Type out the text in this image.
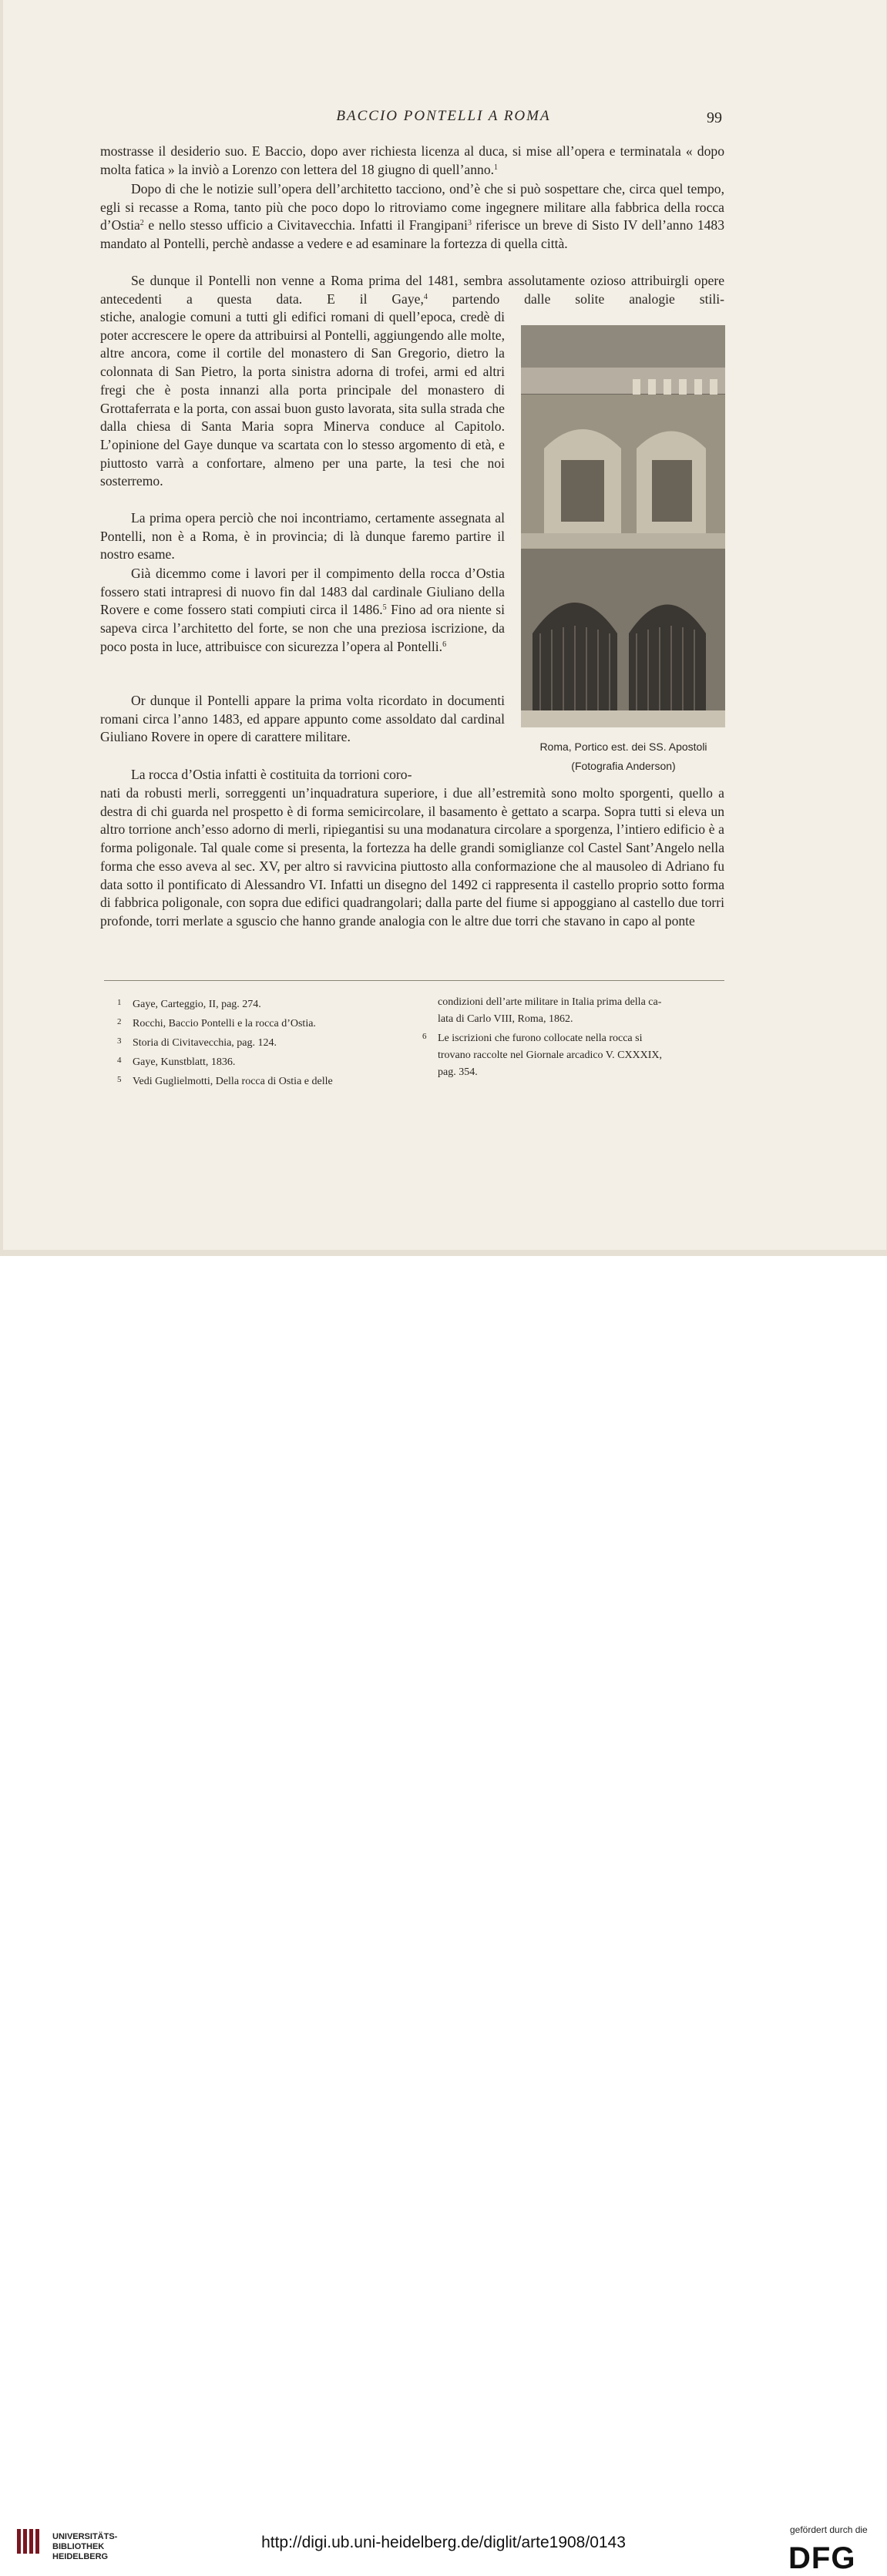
BACCIO PONTELLI A ROMA	99

mostrasse il desiderio suo. E Baccio, dopo aver richiesta licenza al duca, si mise all’opera e terminatala « dopo molta fatica » la inviò a Lorenzo con lettera del 18 giugno di quell’anno.$^1$

Dopo di che le notizie sull’opera dell’architetto tacciono, ond’è che si può sospettare che, circa quel tempo, egli si recasse a Roma, tanto più che poco dopo lo ritroviamo come ingegnere militare alla fabbrica della rocca d’Ostia$^2$ e nello stesso ufficio a Civitavecchia. Infatti il Frangipani$^3$ riferisce un breve di Sisto IV dell’anno 1483 mandato al Pontelli, perchè andasse a vedere e ad esaminare la fortezza di quella città.

Se dunque il Pontelli non venne a Roma prima del 1481, sembra assolutamente ozioso attribuirgli opere antecedenti a questa data. E il Gaye,$^4$ partendo dalle solite analogie stili-

stiche, analogie comuni a tutti gli edifici romani di quell’epoca, credè di poter accrescere le opere da attribuirsi al Pontelli, aggiungendo alle molte, altre ancora, come il cortile del monastero di San Gregorio, dietro la colonnata di San Pietro, la porta sinistra adorna di trofei, armi ed altri fregi che è posta innanzi alla porta principale del monastero di Grottaferrata e la porta, con assai buon gusto lavorata, sita sulla strada che dalla chiesa di Santa Maria sopra Minerva conduce al Capitolo. L’opinione del Gaye dunque va scartata con lo stesso argomento di età, e piuttosto varrà a confortare, almeno per una parte, la tesi che noi sosterremo.

La prima opera perciò che noi incontriamo, certamente assegnata al Pontelli, non è a Roma, è in provincia; di là dunque faremo partire il nostro esame.

Già dicemmo come i lavori per il compimento della rocca d’Ostia fossero stati intrapresi di nuovo fin dal 1483 dal cardinale Giuliano della Rovere e come fossero stati compiuti circa il 1486.$^5$ Fino ad ora niente si sapeva circa l’architetto del forte, se non che una preziosa iscrizione, da poco posta in luce, attribuisce con sicurezza l’opera al Pontelli.$^6$

Or dunque il Pontelli appare la prima volta ricordato in documenti romani circa l’anno 1483, ed appare appunto come assoldato dal cardinal Giuliano Rovere in opere di carattere militare.

La rocca d’Ostia infatti è costituita da torrioni coro-

nati da robusti merli, sorreggenti un’inquadratura superiore, i due all’estremità sono molto sporgenti, quello a destra di chi guarda nel prospetto è di forma semicircolare, il basamento è gettato a scarpa. Sopra tutti si eleva un altro torrione anch’esso adorno di merli, ripiegantisi su una modanatura circolare a sporgenza, l’intiero edificio è a forma poligonale. Tal quale come si presenta, la fortezza ha delle grandi somiglianze col Castel Sant’Angelo nella forma che esso aveva al sec. XV, per altro si ravvicina piuttosto alla conformazione che al mausoleo di Adriano fu data sotto il pontificato di Alessandro VI. Infatti un disegno del 1492 ci rappresenta il castello proprio sotto forma di fabbrica poligonale, con sopra due edifici quadrangolari; dalla parte del fiume si appoggiano al castello due torri profonde, torri merlate a sguscio che hanno grande analogia con le altre due torri che stavano in capo al ponte

Roma, Portico est. dei SS. Apostoli
(Fotografia Anderson)
1 Gaye, Carteggio, II, pag. 274.
2 Rocchi, Baccio Pontelli e la rocca d’Ostia.
3 Storia di Civitavecchia, pag. 124.
4 Gaye, Kunstblatt, 1836.
5 Vedi Guglielmotti, Della rocca di Ostia e delle
condizioni dell’arte militare in Italia prima della ca-
lata di Carlo VIII, Roma, 1862.
6 Le iscrizioni che furono collocate nella rocca si
trovano raccolte nel Giornale arcadico V. CXXXIX,
pag. 354.
UNIVERSITÄTS-
BIBLIOTHEK
HEIDELBERG
http://digi.ub.uni-heidelberg.de/diglit/arte1908/0143
gefördert durch die
DFG
